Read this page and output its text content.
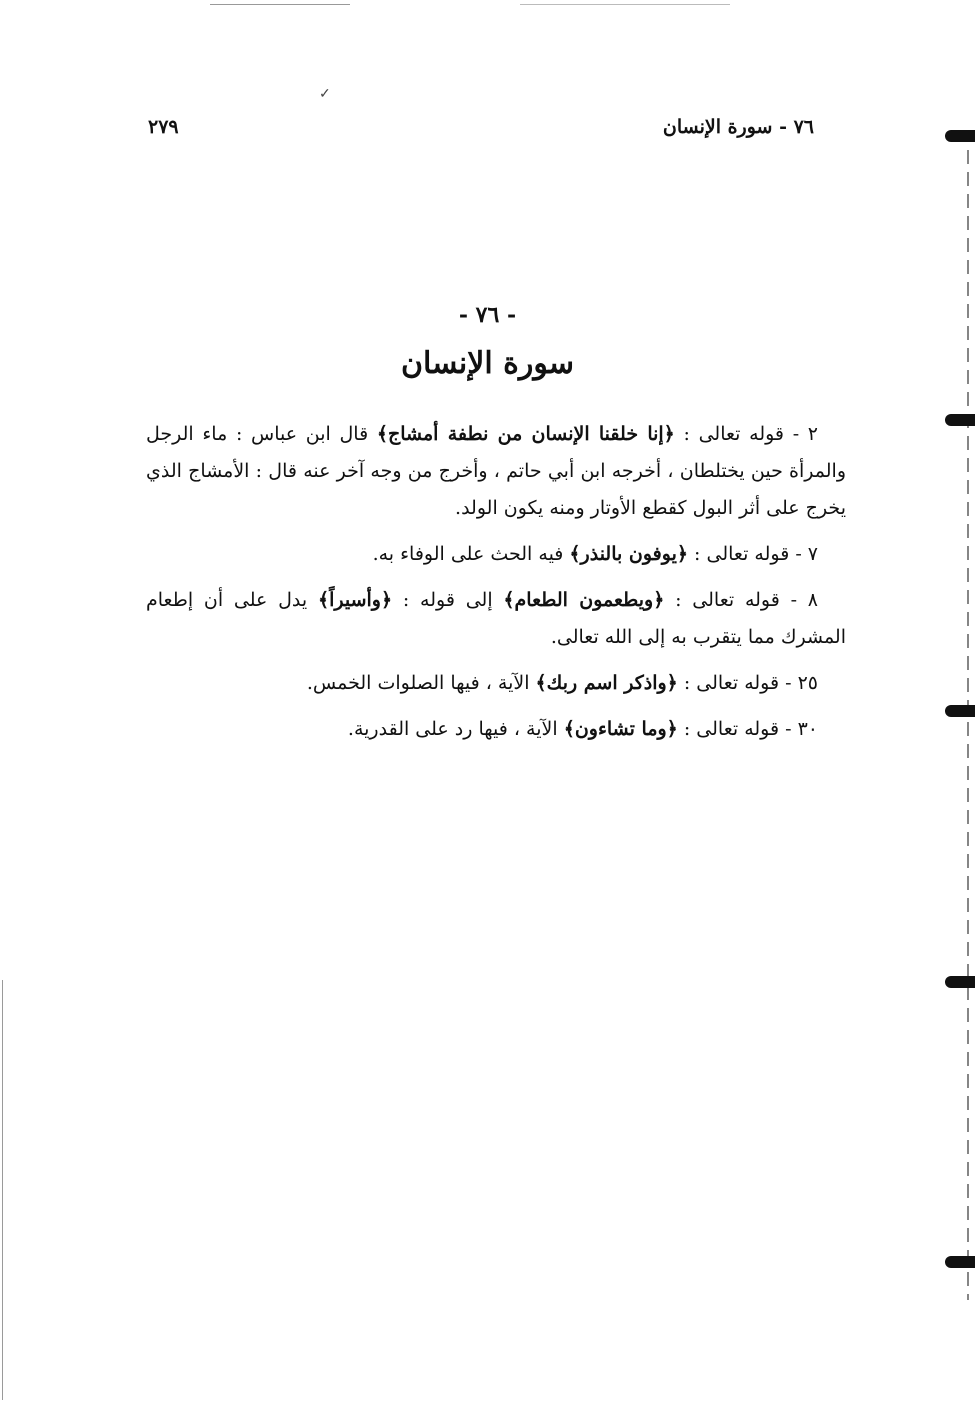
✓
٧٦ - سورة الإنسان
٢٧٩
- ٧٦ -
سورة الإنسان

٢ - قوله تعالى : ﴿إنا خلقنا الإنسان من نطفة أمشاج﴾ قال ابن عباس : ماء الرجل والمرأة حين يختلطان ، أخرجه ابن أبي حاتم ، وأخرج من وجه آخر عنه قال : الأمشاج الذي يخرج على أثر البول كقطع الأوتار ومنه يكون الولد.

٧ - قوله تعالى : ﴿يوفون بالنذر﴾ فيه الحث على الوفاء به.

٨ - قوله تعالى : ﴿ويطعمون الطعام﴾ إلى قوله : ﴿وأسيراً﴾ يدل على أن إطعام المشرك مما يتقرب به إلى الله تعالى.

٢٥ - قوله تعالى : ﴿واذكر اسم ربك﴾ الآية ، فيها الصلوات الخمس.

٣٠ - قوله تعالى : ﴿وما تشاءون﴾ الآية ، فيها رد على القدرية.
